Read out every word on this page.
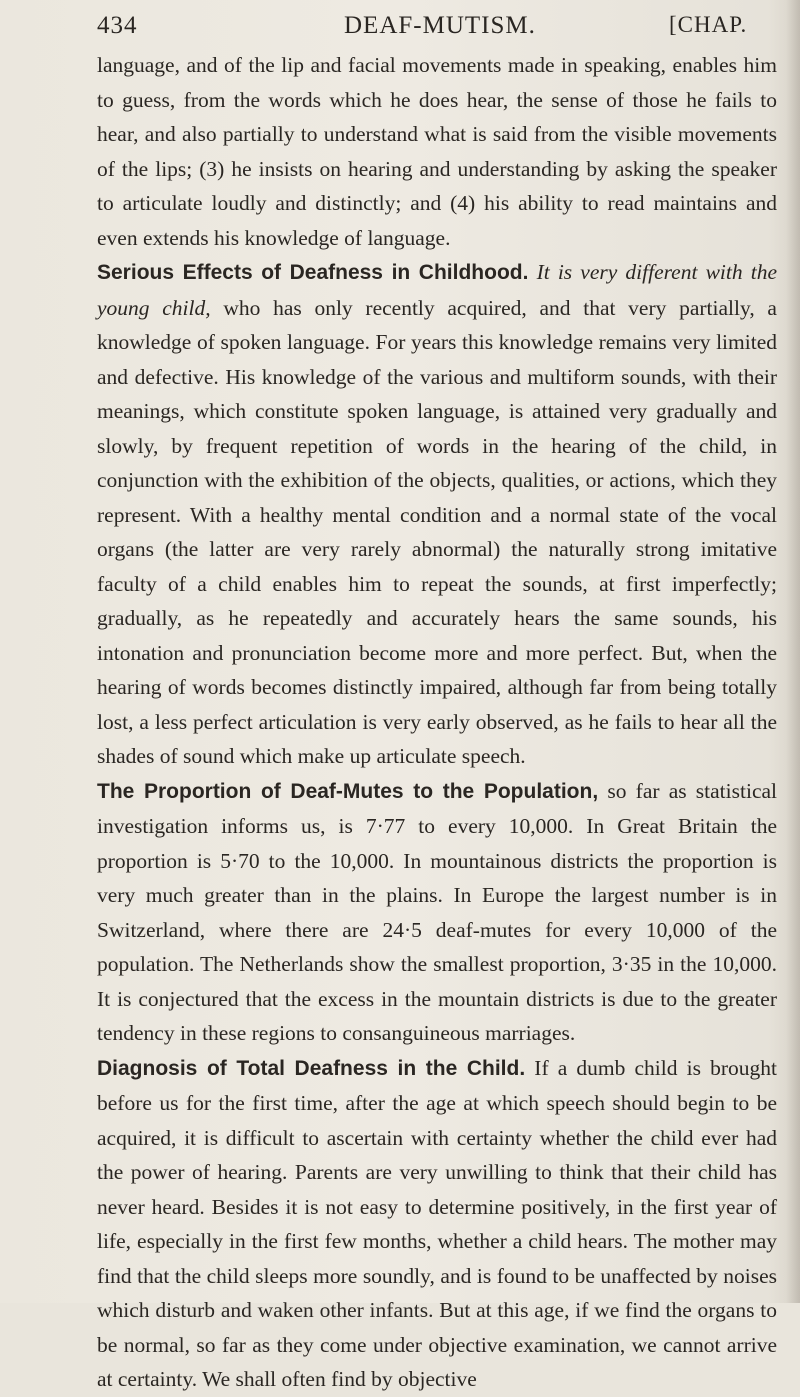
434	DEAF-MUTISM.	[CHAP.

language, and of the lip and facial movements made in speaking, enables him to guess, from the words which he does hear, the sense of those he fails to hear, and also partially to understand what is said from the visible movements of the lips; (3) he insists on hearing and understanding by asking the speaker to articulate loudly and distinctly; and (4) his ability to read maintains and even extends his knowledge of language.

Serious Effects of Deafness in Childhood. It is very different with the young child, who has only recently acquired, and that very partially, a knowledge of spoken language. For years this knowledge remains very limited and defective. His knowledge of the various and multiform sounds, with their meanings, which constitute spoken language, is attained very gradually and slowly, by frequent repetition of words in the hearing of the child, in conjunction with the exhibition of the objects, qualities, or actions, which they represent. With a healthy mental condition and a normal state of the vocal organs (the latter are very rarely abnormal) the naturally strong imitative faculty of a child enables him to repeat the sounds, at first imperfectly; gradually, as he repeatedly and accurately hears the same sounds, his intonation and pronunciation become more and more perfect. But, when the hearing of words becomes distinctly impaired, although far from being totally lost, a less perfect articulation is very early observed, as he fails to hear all the shades of sound which make up articulate speech.

The Proportion of Deaf-Mutes to the Population, so far as statistical investigation informs us, is 7·77 to every 10,000. In Great Britain the proportion is 5·70 to the 10,000. In mountainous districts the proportion is very much greater than in the plains. In Europe the largest number is in Switzerland, where there are 24·5 deaf-mutes for every 10,000 of the population. The Netherlands show the smallest proportion, 3·35 in the 10,000. It is conjectured that the excess in the mountain districts is due to the greater tendency in these regions to consanguineous marriages.

Diagnosis of Total Deafness in the Child. If a dumb child is brought before us for the first time, after the age at which speech should begin to be acquired, it is difficult to ascertain with certainty whether the child ever had the power of hearing. Parents are very unwilling to think that their child has never heard. Besides it is not easy to determine positively, in the first year of life, especially in the first few months, whether a child hears. The mother may find that the child sleeps more soundly, and is found to be unaffected by noises which disturb and waken other infants. But at this age, if we find the organs to be normal, so far as they come under objective examination, we cannot arrive at certainty. We shall often find by objective
